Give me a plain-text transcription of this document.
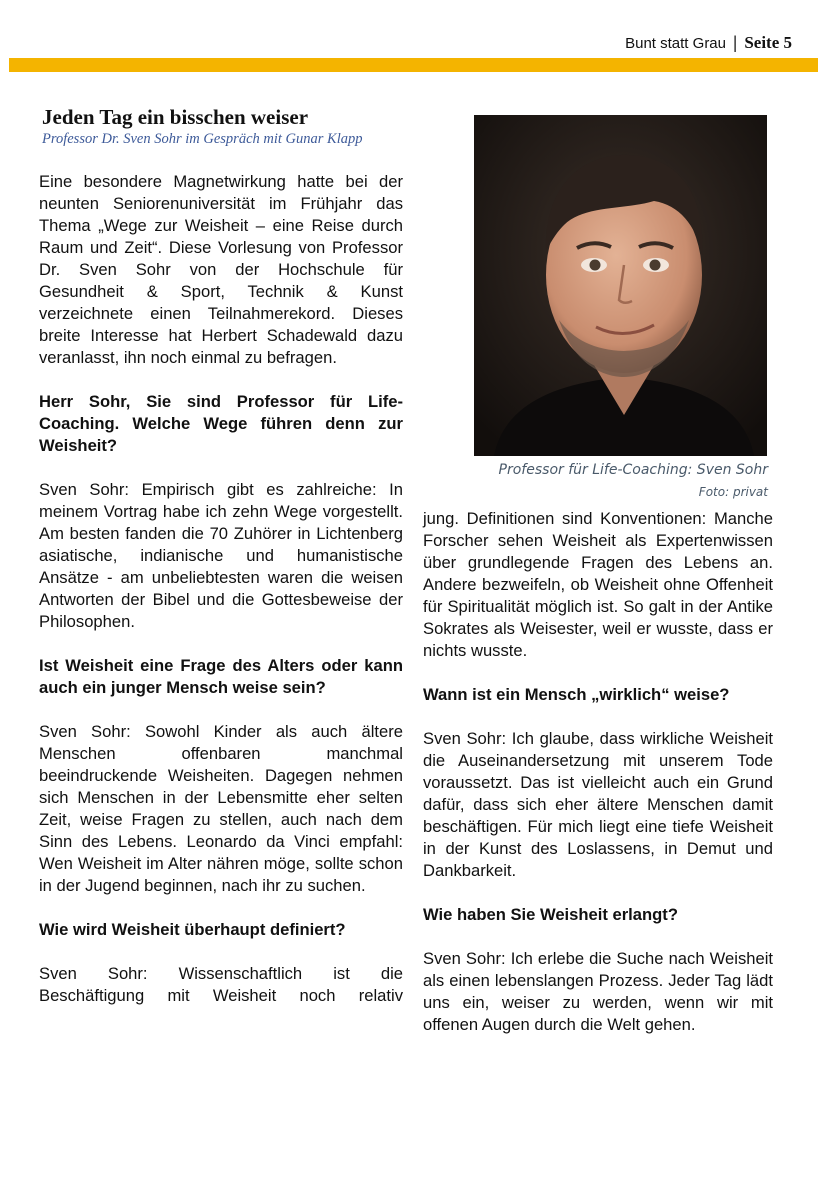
Bunt statt Grau | Seite 5
Jeden Tag ein bisschen weiser
Professor Dr. Sven Sohr im Gespräch mit Gunar Klapp

Eine besondere Magnetwirkung hatte bei der neunten Seniorenuniversität im Frühjahr das Thema „Wege zur Weisheit – eine Reise durch Raum und Zeit“. Diese Vorlesung von Professor Dr. Sven Sohr von der Hochschule für Gesundheit & Sport, Technik & Kunst verzeichnete einen Teilnahmerekord. Dieses breite Interesse hat Herbert Schadewald dazu veranlasst, ihn noch einmal zu befragen.

Herr Sohr, Sie sind Professor für Life-Coaching. Welche Wege führen denn zur Weisheit?

Sven Sohr: Empirisch gibt es zahlreiche: In meinem Vortrag habe ich zehn Wege vorgestellt. Am besten fanden die 70 Zuhörer in Lichtenberg asiatische, indianische und humanistische Ansätze - am unbeliebtesten waren die weisen Antworten der Bibel und die Gottesbeweise der Philosophen.

Ist Weisheit eine Frage des Alters oder kann auch ein junger Mensch weise sein?

Sven Sohr: Sowohl Kinder als auch ältere Menschen offenbaren manchmal beeindruckende Weisheiten. Dagegen nehmen sich Menschen in der Lebensmitte eher selten Zeit, weise Fragen zu stellen, auch nach dem Sinn des Lebens. Leonardo da Vinci empfahl: Wen Weisheit im Alter nähren möge, sollte schon in der Jugend beginnen, nach ihr zu suchen.

Wie wird Weisheit überhaupt definiert?

Sven Sohr: Wissenschaftlich ist die Beschäftigung mit Weisheit noch relativ

Professor für Life-Coaching: Sven Sohr
Foto: privat

jung. Definitionen sind Konventionen: Manche Forscher sehen Weisheit als Expertenwissen über grundlegende Fragen des Lebens an. Andere bezweifeln, ob Weisheit ohne Offenheit für Spiritualität möglich ist. So galt in der Antike Sokrates als Weisester, weil er wusste, dass er nichts wusste.

Wann ist ein Mensch „wirklich“ weise?

Sven Sohr: Ich glaube, dass wirkliche Weisheit die Auseinandersetzung mit unserem Tode voraussetzt. Das ist vielleicht auch ein Grund dafür, dass sich eher ältere Menschen damit beschäftigen. Für mich liegt eine tiefe Weisheit in der Kunst des Loslassens, in Demut und Dankbarkeit.

Wie haben Sie Weisheit erlangt?

Sven Sohr: Ich erlebe die Suche nach Weisheit als einen lebenslangen Prozess. Jeder Tag lädt uns ein, weiser zu werden, wenn wir mit offenen Augen durch die Welt gehen.
